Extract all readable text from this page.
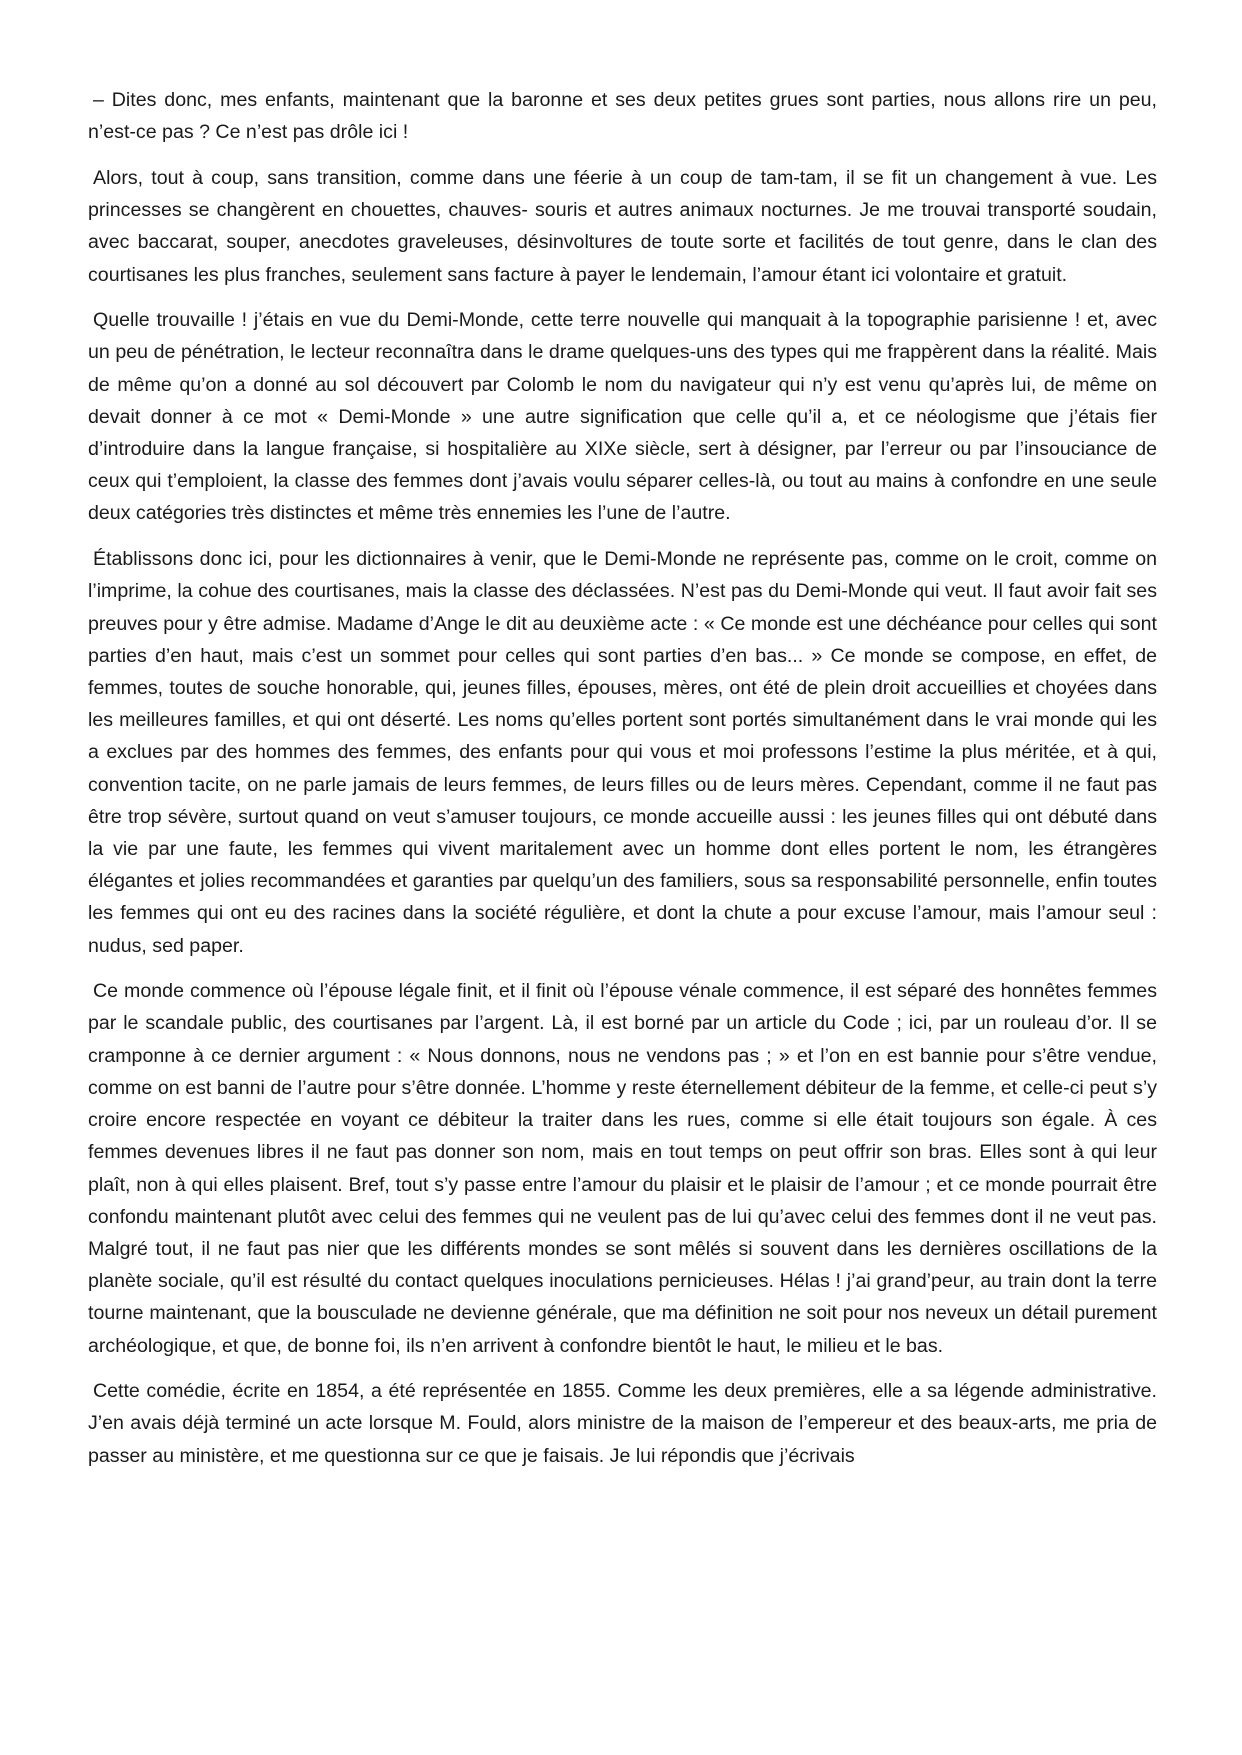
– Dites donc, mes enfants, maintenant que la baronne et ses deux petites grues sont parties, nous allons rire un peu, n’est-ce pas ? Ce n’est pas drôle ici !

Alors, tout à coup, sans transition, comme dans une féerie à un coup de tam-tam, il se fit un changement à vue. Les princesses se changèrent en chouettes, chauves- souris et autres animaux nocturnes. Je me trouvai transporté soudain, avec baccarat, souper, anecdotes graveleuses, désinvoltures de toute sorte et facilités de tout genre, dans le clan des courtisanes les plus franches, seulement sans facture à payer le lendemain, l’amour étant ici volontaire et gratuit.

Quelle trouvaille ! j’étais en vue du Demi-Monde, cette terre nouvelle qui manquait à la topographie parisienne ! et, avec un peu de pénétration, le lecteur reconnaîtra dans le drame quelques-uns des types qui me frappèrent dans la réalité. Mais de même qu’on a donné au sol découvert par Colomb le nom du navigateur qui n’y est venu qu’après lui, de même on devait donner à ce mot « Demi-Monde » une autre signification que celle qu’il a, et ce néologisme que j’étais fier d’introduire dans la langue française, si hospitalière au XIXe siècle, sert à désigner, par l’erreur ou par l’insouciance de ceux qui t’emploient, la classe des femmes dont j’avais voulu séparer celles-là, ou tout au mains à confondre en une seule deux catégories très distinctes et même très ennemies les l’une de l’autre.

Établissons donc ici, pour les dictionnaires à venir, que le Demi-Monde ne représente pas, comme on le croit, comme on l’imprime, la cohue des courtisanes, mais la classe des déclassées. N’est pas du Demi-Monde qui veut. Il faut avoir fait ses preuves pour y être admise. Madame d’Ange le dit au deuxième acte : « Ce monde est une déchéance pour celles qui sont parties d’en haut, mais c’est un sommet pour celles qui sont parties d’en bas... » Ce monde se compose, en effet, de femmes, toutes de souche honorable, qui, jeunes filles, épouses, mères, ont été de plein droit accueillies et choyées dans les meilleures familles, et qui ont déserté. Les noms qu’elles portent sont portés simultanément dans le vrai monde qui les a exclues par des hommes des femmes, des enfants pour qui vous et moi professons l’estime la plus méritée, et à qui, convention tacite, on ne parle jamais de leurs femmes, de leurs filles ou de leurs mères. Cependant, comme il ne faut pas être trop sévère, surtout quand on veut s’amuser toujours, ce monde accueille aussi : les jeunes filles qui ont débuté dans la vie par une faute, les femmes qui vivent maritalement avec un homme dont elles portent le nom, les étrangères élégantes et jolies recommandées et garanties par quelqu’un des familiers, sous sa responsabilité personnelle, enfin toutes les femmes qui ont eu des racines dans la société régulière, et dont la chute a pour excuse l’amour, mais l’amour seul : nudus, sed paper.

Ce monde commence où l’épouse légale finit, et il finit où l’épouse vénale commence, il est séparé des honnêtes femmes par le scandale public, des courtisanes par l’argent. Là, il est borné par un article du Code ; ici, par un rouleau d’or. Il se cramponne à ce dernier argument : « Nous donnons, nous ne vendons pas ; » et l’on en est bannie pour s’être vendue, comme on est banni de l’autre pour s’être donnée. L’homme y reste éternellement débiteur de la femme, et celle-ci peut s’y croire encore respectée en voyant ce débiteur la traiter dans les rues, comme si elle était toujours son égale. À ces femmes devenues libres il ne faut pas donner son nom, mais en tout temps on peut offrir son bras. Elles sont à qui leur plaît, non à qui elles plaisent. Bref, tout s’y passe entre l’amour du plaisir et le plaisir de l’amour ; et ce monde pourrait être confondu maintenant plutôt avec celui des femmes qui ne veulent pas de lui qu’avec celui des femmes dont il ne veut pas. Malgré tout, il ne faut pas nier que les différents mondes se sont mêlés si souvent dans les dernières oscillations de la planète sociale, qu’il est résulté du contact quelques inoculations pernicieuses. Hélas ! j’ai grand’peur, au train dont la terre tourne maintenant, que la bousculade ne devienne générale, que ma définition ne soit pour nos neveux un détail purement archéologique, et que, de bonne foi, ils n’en arrivent à confondre bientôt le haut, le milieu et le bas.

Cette comédie, écrite en 1854, a été représentée en 1855. Comme les deux premières, elle a sa légende administrative. J’en avais déjà terminé un acte lorsque M. Fould, alors ministre de la maison de l’empereur et des beaux-arts, me pria de passer au ministère, et me questionna sur ce que je faisais. Je lui répondis que j’écrivais
